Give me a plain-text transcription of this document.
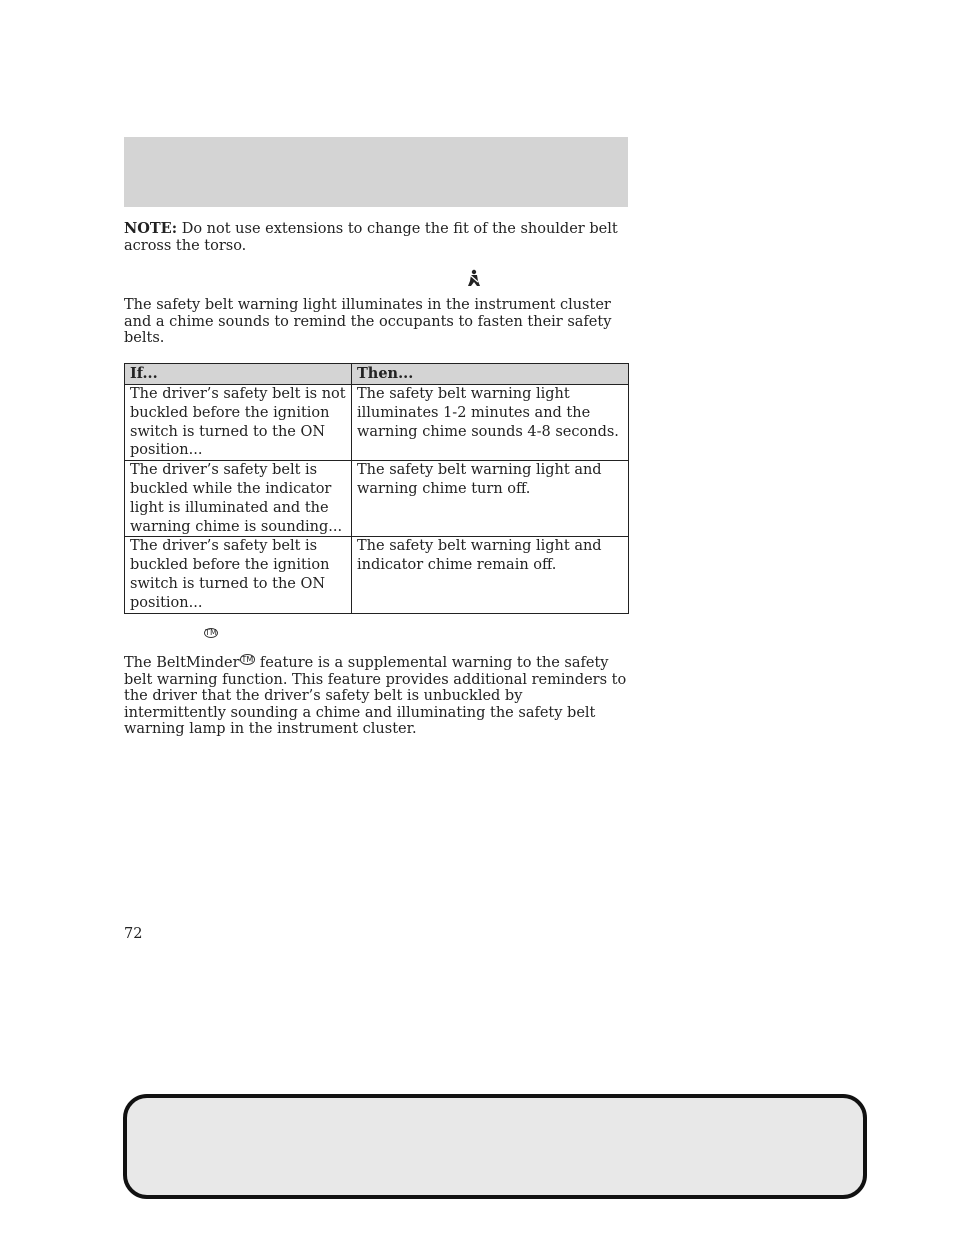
NOTE: Do not use extensions to change the fit of the shoulder belt across the torso.

The safety belt warning light illuminates in the instrument cluster and a chime sounds to remind the occupants to fasten their safety belts.

If...	Then...
The driver’s safety belt is not buckled before the ignition switch is turned to the ON position...	The safety belt warning light illuminates 1-2 minutes and the warning chime sounds 4-8 seconds.
The driver’s safety belt is buckled while the indicator light is illuminated and the warning chime is sounding...	The safety belt warning light and warning chime turn off.
The driver’s safety belt is buckled before the ignition switch is turned to the ON position...	The safety belt warning light and indicator chime remain off.
TM

The BeltMinder ™ feature is a supplemental warning to the safety belt warning function. This feature provides additional reminders to the driver that the driver’s safety belt is unbuckled by intermittently sounding a chime and illuminating the safety belt warning lamp in the instrument cluster.

72
